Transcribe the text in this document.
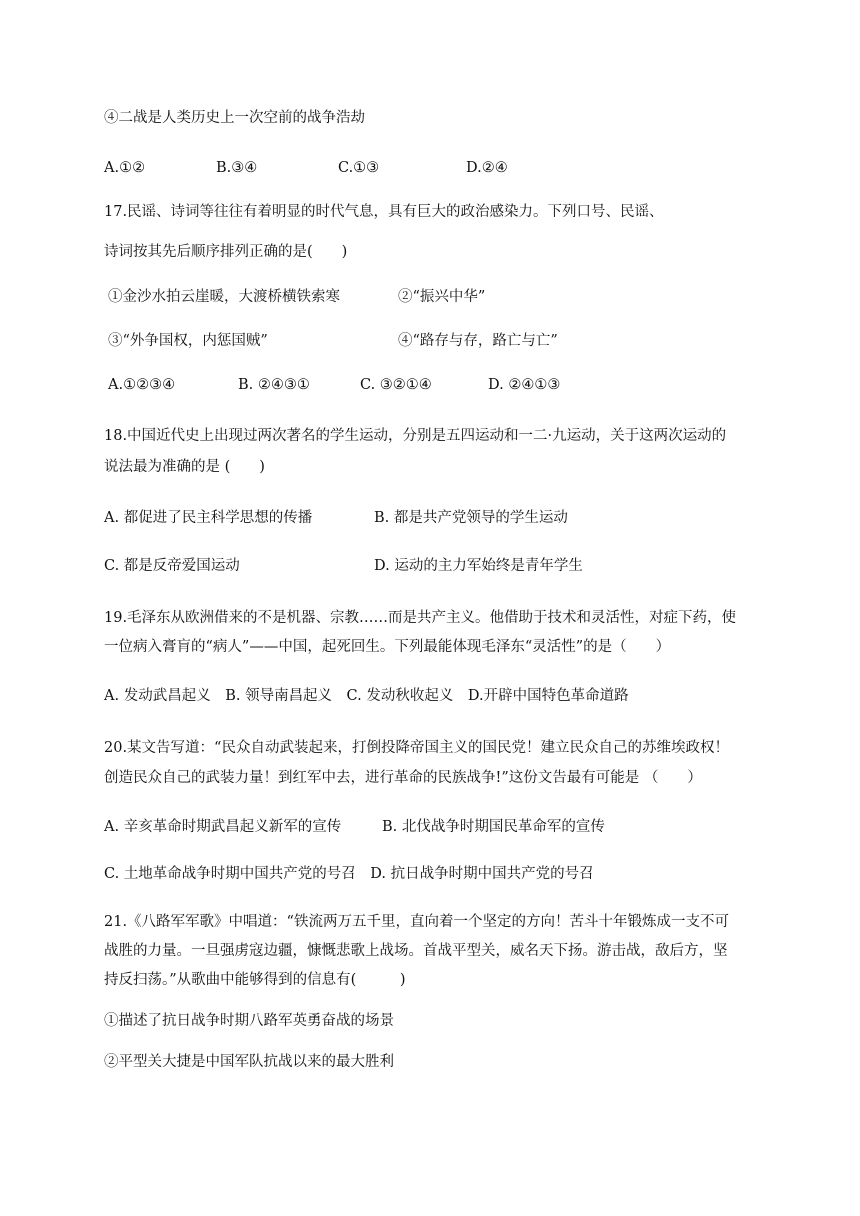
④二战是人类历史上一次空前的战争浩劫
A.①②	B.③④	C.①③	D.②④
17.民谣、诗词等往往有着明显的时代气息，具有巨大的政治感染力。下列口号、民谣、
诗词按其先后顺序排列正确的是(　　)
①金沙水拍云崖暖，大渡桥横铁索寒	②“振兴中华”
③“外争国权，内惩国贼”	④“路存与存，路亡与亡”
A.①②③④	B. ②④③①	C. ③②①④	D. ②④①③
18.中国近代史上出现过两次著名的学生运动，分别是五四运动和一二·九运动，关于这两次运动的
说法最为准确的是 (　　)
A. 都促进了民主科学思想的传播	B. 都是共产党领导的学生运动
C. 都是反帝爱国运动	D. 运动的主力军始终是青年学生
19.毛泽东从欧洲借来的不是机器、宗教……而是共产主义。他借助于技术和灵活性，对症下药，使
一位病入膏肓的“病人”——中国，起死回生。下列最能体现毛泽东“灵活性”的是（　　）
A. 发动武昌起义　B. 领导南昌起义　C. 发动秋收起义　D.开辟中国特色革命道路
20.某文告写道：“民众自动武装起来，打倒投降帝国主义的国民党！建立民众自己的苏维埃政权！
创造民众自己的武装力量！到红军中去，进行革命的民族战争!”这份文告最有可能是 （　　）
A. 辛亥革命时期武昌起义新军的宣传	B. 北伐战争时期国民革命军的宣传
C. 土地革命战争时期中国共产党的号召　D. 抗日战争时期中国共产党的号召
21.《八路军军歌》中唱道：“铁流两万五千里，直向着一个坚定的方向！苦斗十年锻炼成一支不可
战胜的力量。一旦强虏寇边疆，慷慨悲歌上战场。首战平型关，威名天下扬。游击战，敌后方，坚
持反扫荡。”从歌曲中能够得到的信息有(　　　)
①描述了抗日战争时期八路军英勇奋战的场景
②平型关大捷是中国军队抗战以来的最大胜利
